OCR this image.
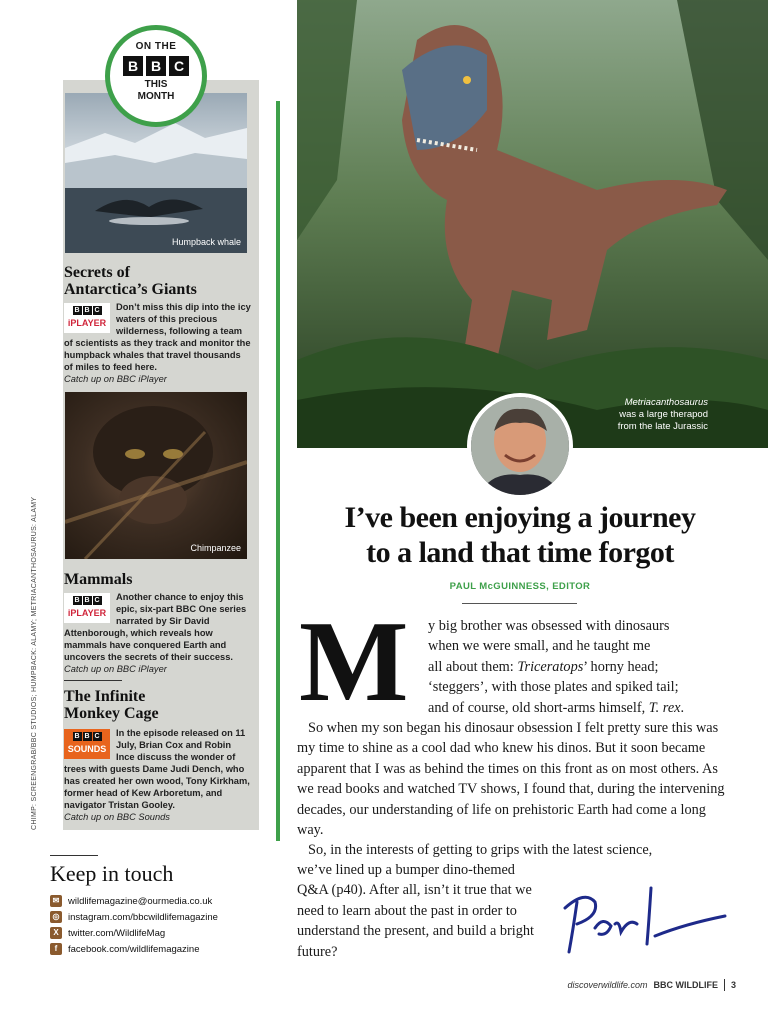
ON THE
B B C
THIS
MONTH
Humpback whale
Secrets of
Antarctica’s Giants
B B C
iPLAYER
Don’t miss this dip into the icy waters of this precious wilderness, following a team of scientists as they track and monitor the humpback whales that travel thousands of miles to feed here.
Catch up on BBC iPlayer
Chimpanzee
Mammals
B B C
iPLAYER
Another chance to enjoy this epic, six-part BBC One series narrated by Sir David Attenborough, which reveals how mammals have conquered Earth and uncovers the secrets of their success.
Catch up on BBC iPlayer
The Infinite
Monkey Cage
B B C
SOUNDS
In the episode released on 11 July, Brian Cox and Robin Ince discuss the wonder of trees with guests Dame Judi Dench, who has created her own wood, Tony Kirkham, former head of Kew Arboretum, and navigator Tristan Gooley.
Catch up on BBC Sounds
CHIMP: SCREENGRAB/BBC STUDIOS; HUMPBACK: ALAMY; METRIACANTHOSAURUS: ALAMY
Keep in touch
✉ wildlifemagazine@ourmedia.co.uk
◎ instagram.com/bbcwildlifemagazine
X twitter.com/WildlifeMag
f	facebook.com/wildlifemagazine
Metriacanthosaurus
was a large therapod from the late Jurassic
I’ve been enjoying a journey
to a land that time forgot
PAUL McGUINNESS, EDITOR
M y big brother was obsessed with dinosaurs
when we were small, and he taught me
all about them: Triceratops’ horny head;
‘steggers’, with those plates and spiked tail;
and of course, old short-arms himself, T. rex.
So when my son began his dinosaur obsession I felt pretty sure this was my time to shine as a cool dad who knew his dinos. But it soon became apparent that I was as behind the times on this front as on most others. As we read books and watched TV shows, I found that, during the intervening decades, our understanding of life on prehistoric Earth had come a long way.
So, in the interests of getting to grips with the latest science,
we’ve lined up a bumper dino-themed Q&A (p40). After all, isn’t it true that we need to learn about the past in order to understand the present, and build a bright future?
discoverwildlife.com BBC WILDLIFE 3
